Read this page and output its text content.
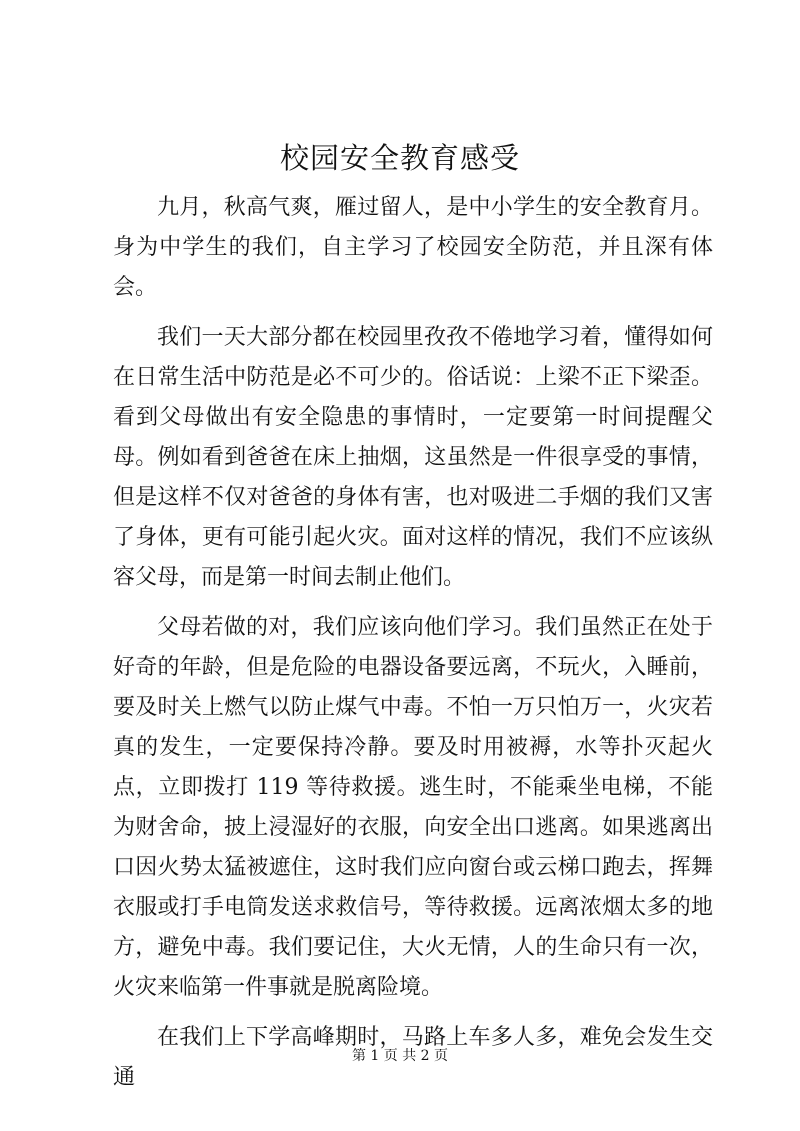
校园安全教育感受

九月，秋高气爽，雁过留人，是中小学生的安全教育月。身为中学生的我们，自主学习了校园安全防范，并且深有体会。

我们一天大部分都在校园里孜孜不倦地学习着，懂得如何在日常生活中防范是必不可少的。俗话说：上梁不正下梁歪。看到父母做出有安全隐患的事情时，一定要第一时间提醒父母。例如看到爸爸在床上抽烟，这虽然是一件很享受的事情，但是这样不仅对爸爸的身体有害，也对吸进二手烟的我们又害了身体，更有可能引起火灾。面对这样的情况，我们不应该纵容父母，而是第一时间去制止他们。

父母若做的对，我们应该向他们学习。我们虽然正在处于好奇的年龄，但是危险的电器设备要远离，不玩火，入睡前，要及时关上燃气以防止煤气中毒。不怕一万只怕万一，火灾若真的发生，一定要保持冷静。要及时用被褥，水等扑灭起火点，立即拨打 119 等待救援。逃生时，不能乘坐电梯，不能为财舍命，披上浸湿好的衣服，向安全出口逃离。如果逃离出口因火势太猛被遮住，这时我们应向窗台或云梯口跑去，挥舞衣服或打手电筒发送求救信号，等待救援。远离浓烟太多的地方，避免中毒。我们要记住，大火无情，人的生命只有一次，火灾来临第一件事就是脱离险境。

在我们上下学高峰期时，马路上车多人多，难免会发生交通

第 1 页 共 2 页
